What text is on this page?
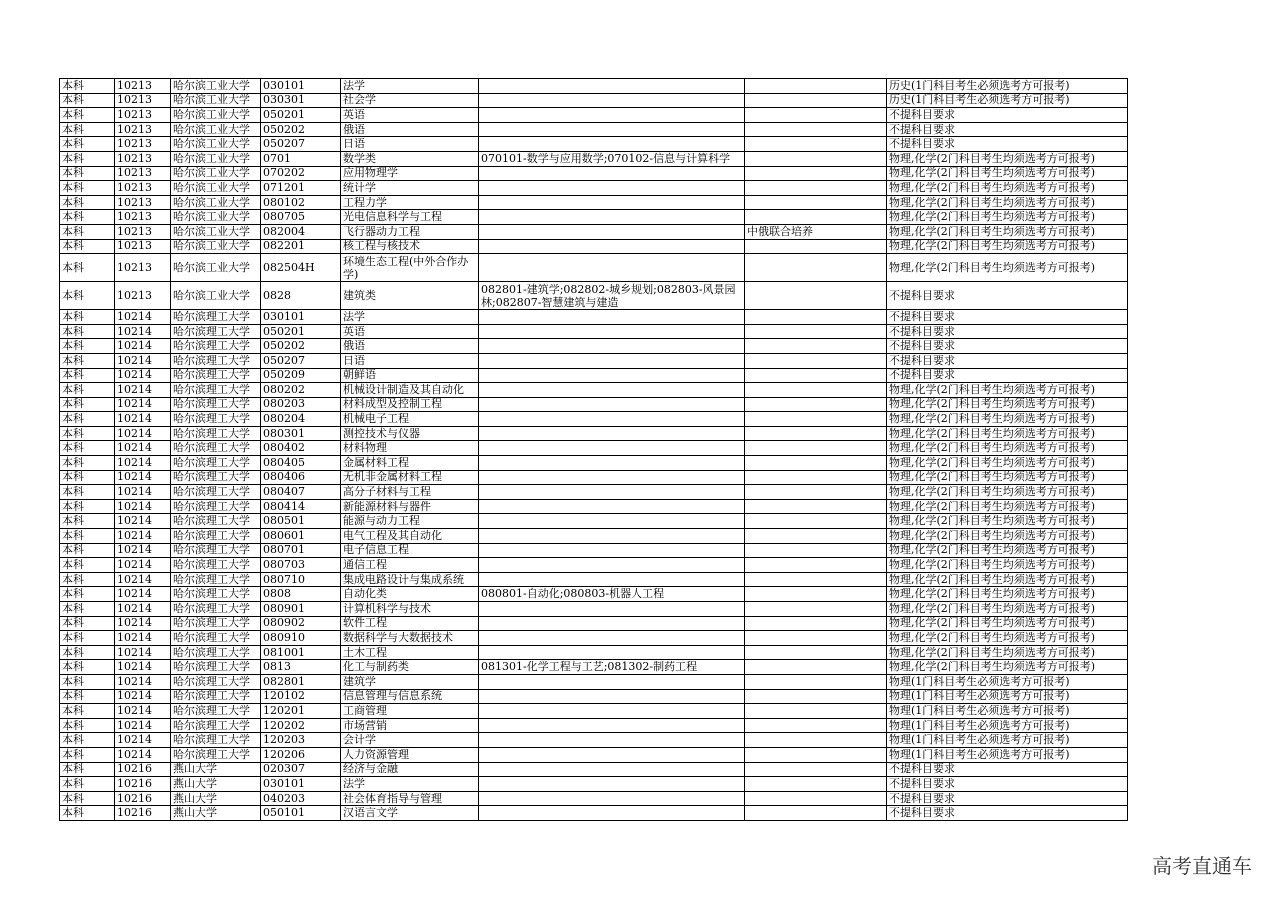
本科	10213	哈尔滨工业大学	030101	法学			历史(1门科目考生必须选考方可报考)
本科	10213	哈尔滨工业大学	030301	社会学			历史(1门科目考生必须选考方可报考)
本科	10213	哈尔滨工业大学	050201	英语			不提科目要求
本科	10213	哈尔滨工业大学	050202	俄语			不提科目要求
本科	10213	哈尔滨工业大学	050207	日语			不提科目要求
本科	10213	哈尔滨工业大学	0701	数学类	070101-数学与应用数学;070102-信息与计算科学		物理,化学(2门科目考生均须选考方可报考)
本科	10213	哈尔滨工业大学	070202	应用物理学			物理,化学(2门科目考生均须选考方可报考)
本科	10213	哈尔滨工业大学	071201	统计学			物理,化学(2门科目考生均须选考方可报考)
本科	10213	哈尔滨工业大学	080102	工程力学			物理,化学(2门科目考生均须选考方可报考)
本科	10213	哈尔滨工业大学	080705	光电信息科学与工程			物理,化学(2门科目考生均须选考方可报考)
本科	10213	哈尔滨工业大学	082004	飞行器动力工程		中俄联合培养	物理,化学(2门科目考生均须选考方可报考)
本科	10213	哈尔滨工业大学	082201	核工程与核技术			物理,化学(2门科目考生均须选考方可报考)
本科	10213	哈尔滨工业大学	082504H	环境生态工程(中外合作办学)			物理,化学(2门科目考生均须选考方可报考)
本科	10213	哈尔滨工业大学	0828	建筑类	082801-建筑学;082802-城乡规划;082803-风景园林;082807-智慧建筑与建造		不提科目要求
本科	10214	哈尔滨理工大学	030101	法学			不提科目要求
本科	10214	哈尔滨理工大学	050201	英语			不提科目要求
本科	10214	哈尔滨理工大学	050202	俄语			不提科目要求
本科	10214	哈尔滨理工大学	050207	日语			不提科目要求
本科	10214	哈尔滨理工大学	050209	朝鲜语			不提科目要求
本科	10214	哈尔滨理工大学	080202	机械设计制造及其自动化			物理,化学(2门科目考生均须选考方可报考)
本科	10214	哈尔滨理工大学	080203	材料成型及控制工程			物理,化学(2门科目考生均须选考方可报考)
本科	10214	哈尔滨理工大学	080204	机械电子工程			物理,化学(2门科目考生均须选考方可报考)
本科	10214	哈尔滨理工大学	080301	测控技术与仪器			物理,化学(2门科目考生均须选考方可报考)
本科	10214	哈尔滨理工大学	080402	材料物理			物理,化学(2门科目考生均须选考方可报考)
本科	10214	哈尔滨理工大学	080405	金属材料工程			物理,化学(2门科目考生均须选考方可报考)
本科	10214	哈尔滨理工大学	080406	无机非金属材料工程			物理,化学(2门科目考生均须选考方可报考)
本科	10214	哈尔滨理工大学	080407	高分子材料与工程			物理,化学(2门科目考生均须选考方可报考)
本科	10214	哈尔滨理工大学	080414	新能源材料与器件			物理,化学(2门科目考生均须选考方可报考)
本科	10214	哈尔滨理工大学	080501	能源与动力工程			物理,化学(2门科目考生均须选考方可报考)
本科	10214	哈尔滨理工大学	080601	电气工程及其自动化			物理,化学(2门科目考生均须选考方可报考)
本科	10214	哈尔滨理工大学	080701	电子信息工程			物理,化学(2门科目考生均须选考方可报考)
本科	10214	哈尔滨理工大学	080703	通信工程			物理,化学(2门科目考生均须选考方可报考)
本科	10214	哈尔滨理工大学	080710	集成电路设计与集成系统			物理,化学(2门科目考生均须选考方可报考)
本科	10214	哈尔滨理工大学	0808	自动化类	080801-自动化;080803-机器人工程		物理,化学(2门科目考生均须选考方可报考)
本科	10214	哈尔滨理工大学	080901	计算机科学与技术			物理,化学(2门科目考生均须选考方可报考)
本科	10214	哈尔滨理工大学	080902	软件工程			物理,化学(2门科目考生均须选考方可报考)
本科	10214	哈尔滨理工大学	080910	数据科学与大数据技术			物理,化学(2门科目考生均须选考方可报考)
本科	10214	哈尔滨理工大学	081001	土木工程			物理,化学(2门科目考生均须选考方可报考)
本科	10214	哈尔滨理工大学	0813	化工与制药类	081301-化学工程与工艺;081302-制药工程		物理,化学(2门科目考生均须选考方可报考)
本科	10214	哈尔滨理工大学	082801	建筑学			物理(1门科目考生必须选考方可报考)
本科	10214	哈尔滨理工大学	120102	信息管理与信息系统			物理(1门科目考生必须选考方可报考)
本科	10214	哈尔滨理工大学	120201	工商管理			物理(1门科目考生必须选考方可报考)
本科	10214	哈尔滨理工大学	120202	市场营销			物理(1门科目考生必须选考方可报考)
本科	10214	哈尔滨理工大学	120203	会计学			物理(1门科目考生必须选考方可报考)
本科	10214	哈尔滨理工大学	120206	人力资源管理			物理(1门科目考生必须选考方可报考)
本科	10216	燕山大学	020307	经济与金融			不提科目要求
本科	10216	燕山大学	030101	法学			不提科目要求
本科	10216	燕山大学	040203	社会体育指导与管理			不提科目要求
本科	10216	燕山大学	050101	汉语言文学			不提科目要求
高考直通车
